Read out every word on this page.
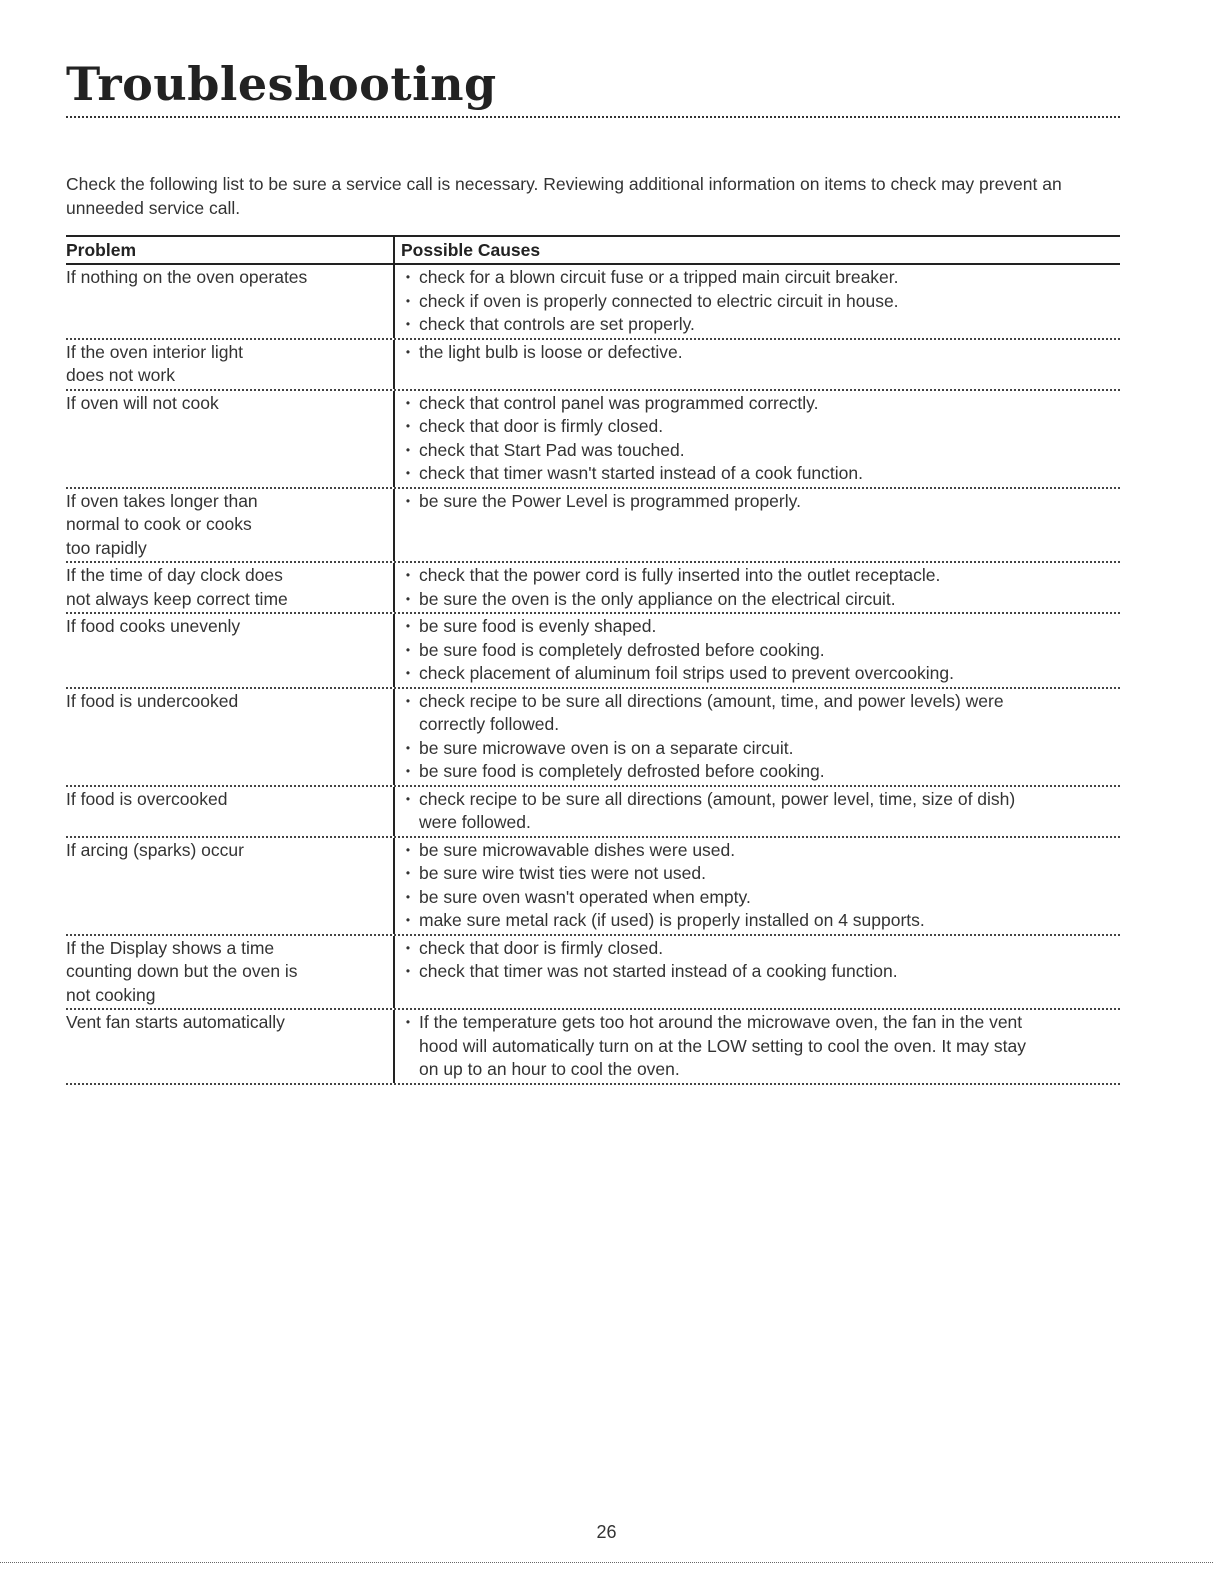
Troubleshooting

Check the following list to be sure a service call is necessary. Reviewing additional information on items to check may prevent an unneeded service call.

Problem	Possible Causes
If nothing on the oven operates	• check for a blown circuit fuse or a tripped main circuit breaker.
• check if oven is properly connected to electric circuit in house.
• check that controls are set properly.
If the oven interior light
does not work
• the light bulb is loose or defective.
If oven will not cook	• check that control panel was programmed correctly.
• check that door is firmly closed.
• check that Start Pad was touched.
• check that timer wasn't started instead of a cook function.
If oven takes longer than
normal to cook or cooks
too rapidly
• be sure the Power Level is programmed properly.
If the time of day clock does
not always keep correct time
• check that the power cord is fully inserted into the outlet receptacle.
• be sure the oven is the only appliance on the electrical circuit.
If food cooks unevenly	• be sure food is evenly shaped.
• be sure food is completely defrosted before cooking.
• check placement of aluminum foil strips used to prevent overcooking.
If food is undercooked	• check recipe to be sure all directions (amount, time, and power levels) were
correctly followed.
• be sure microwave oven is on a separate circuit.
• be sure food is completely defrosted before cooking.
If food is overcooked	• check recipe to be sure all directions (amount, power level, time, size of dish)
were followed.
If arcing (sparks) occur	• be sure microwavable dishes were used.
• be sure wire twist ties were not used.
• be sure oven wasn't operated when empty.
• make sure metal rack (if used) is properly installed on 4 supports.
If the Display shows a time
counting down but the oven is
not cooking
• check that door is firmly closed.
• check that timer was not started instead of a cooking function.
Vent fan starts automatically	• If the temperature gets too hot around the microwave oven, the fan in the vent
hood will automatically turn on at the LOW setting to cool the oven. It may stay
on up to an hour to cool the oven.
26
